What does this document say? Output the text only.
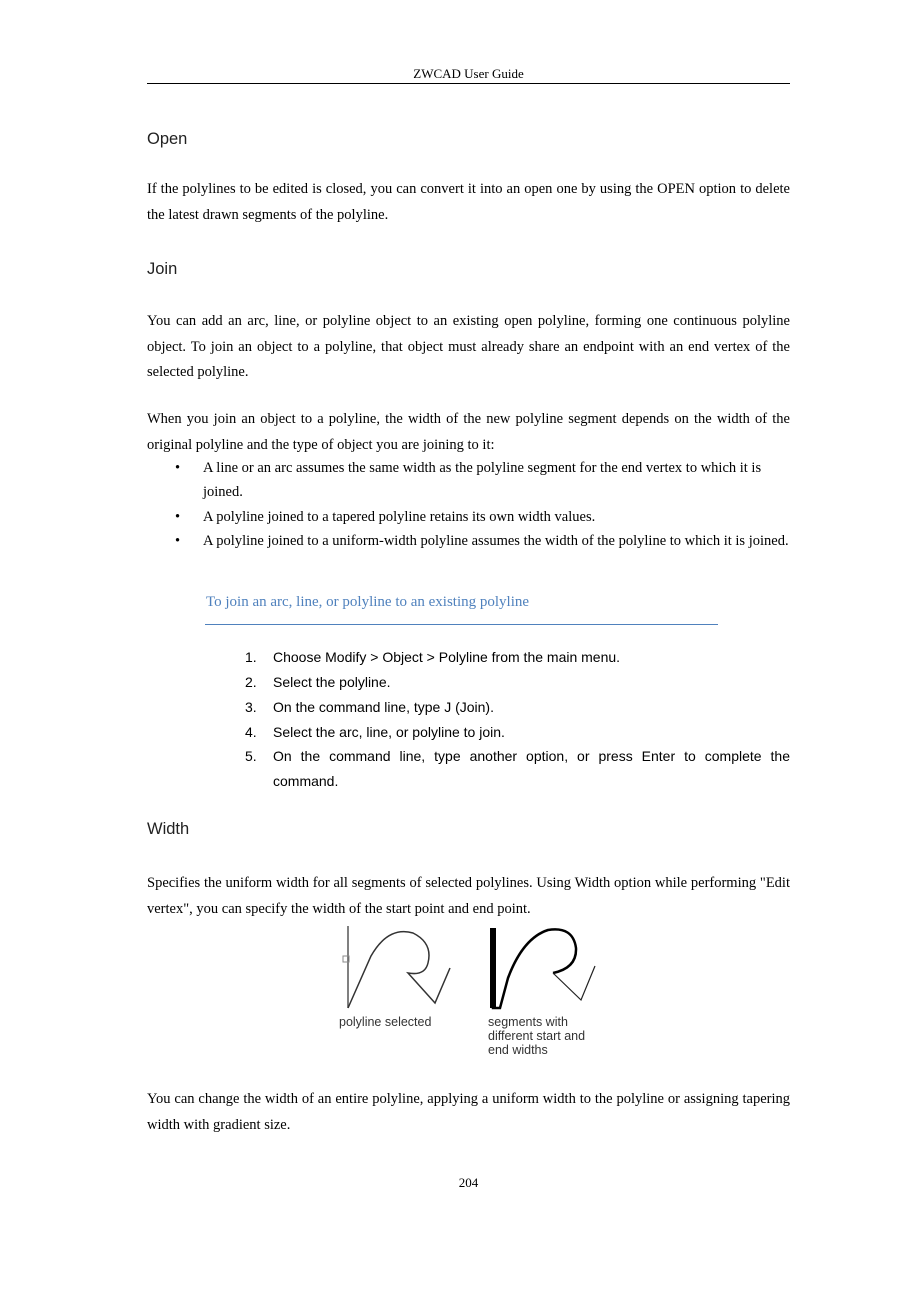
ZWCAD User Guide
Open
If the polylines to be edited is closed, you can convert it into an open one by using the OPEN option to delete the latest drawn segments of the polyline.
Join
You can add an arc, line, or polyline object to an existing open polyline, forming one continuous polyline object. To join an object to a polyline, that object must already share an endpoint with an end vertex of the selected polyline.
When you join an object to a polyline, the width of the new polyline segment depends on the width of the original polyline and the type of object you are joining to it:
• A line or an arc assumes the same width as the polyline segment for the end vertex to which it is joined.
• A polyline joined to a tapered polyline retains its own width values.
• A polyline joined to a uniform-width polyline assumes the width of the polyline to which it is joined.
To join an arc, line, or polyline to an existing polyline
1. Choose Modify > Object > Polyline from the main menu.
2. Select the polyline.
3. On the command line, type J (Join).
4. Select the arc, line, or polyline to join.
5. On the command line, type another option, or press Enter to complete the command.
Width
Specifies the uniform width for all segments of selected polylines. Using Width option while performing "Edit vertex", you can specify the width of the start point and end point.
polyline selected	segments with different start and end widths
You can change the width of an entire polyline, applying a uniform width to the polyline or assigning tapering width with gradient size.
204
